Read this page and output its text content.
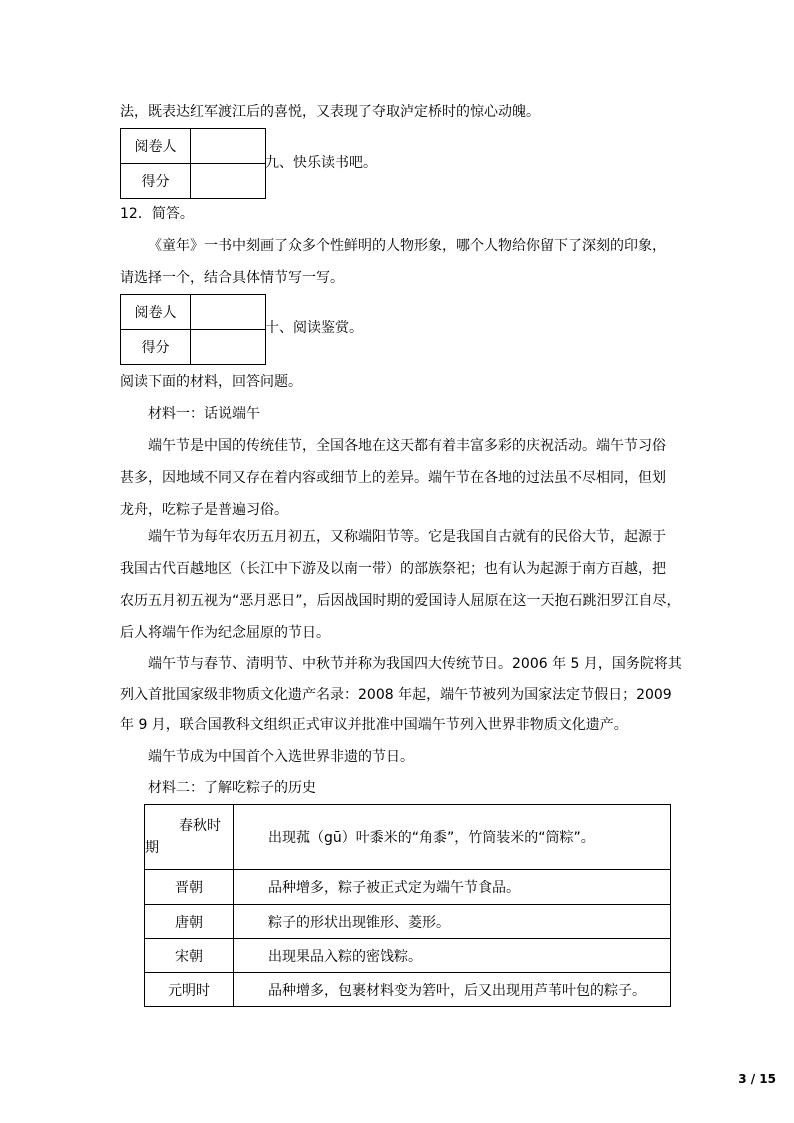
法，既表达红军渡江后的喜悦，又表现了夺取泸定桥时的惊心动魄。
阅卷人	
得分	
九、快乐读书吧。
12．简答。
《童年》一书中刻画了众多个性鲜明的人物形象，哪个人物给你留下了深刻的印象，
请选择一个，结合具体情节写一写。
阅卷人	
得分	
十、阅读鉴赏。
阅读下面的材料，回答问题。
材料一：话说端午
端午节是中国的传统佳节，全国各地在这天都有着丰富多彩的庆祝活动。端午节习俗
甚多，因地域不同又存在着内容或细节上的差异。端午节在各地的过法虽不尽相同，但划
龙舟，吃粽子是普遍习俗。
端午节为每年农历五月初五，又称端阳节等。它是我国自古就有的民俗大节，起源于
我国古代百越地区（长江中下游及以南一带）的部族祭祀；也有认为起源于南方百越，把
农历五月初五视为“恶月恶日”，后因战国时期的爱国诗人屈原在这一天抱石跳汨罗江自尽，
后人将端午作为纪念屈原的节日。
端午节与春节、清明节、中秋节并称为我国四大传统节日。2006 年 5 月，国务院将其
列入首批国家级非物质文化遗产名录：2008 年起，端午节被列为国家法定节假日；2009
年 9 月，联合国教科文组织正式审议并批准中国端午节列入世界非物质文化遗产。
端午节成为中国首个入选世界非遗的节日。
材料二：了解吃粽子的历史
春秋时
期	出现菰（gū）叶黍米的“角黍”，竹筒装米的“筒粽”。
晋朝	品种增多，粽子被正式定为端午节食品。
唐朝	粽子的形状出现锥形、菱形。
宋朝	出现果品入粽的密饯粽。
元明时	品种增多，包裹材料变为箬叶，后又出现用芦苇叶包的粽子。
3 / 15
